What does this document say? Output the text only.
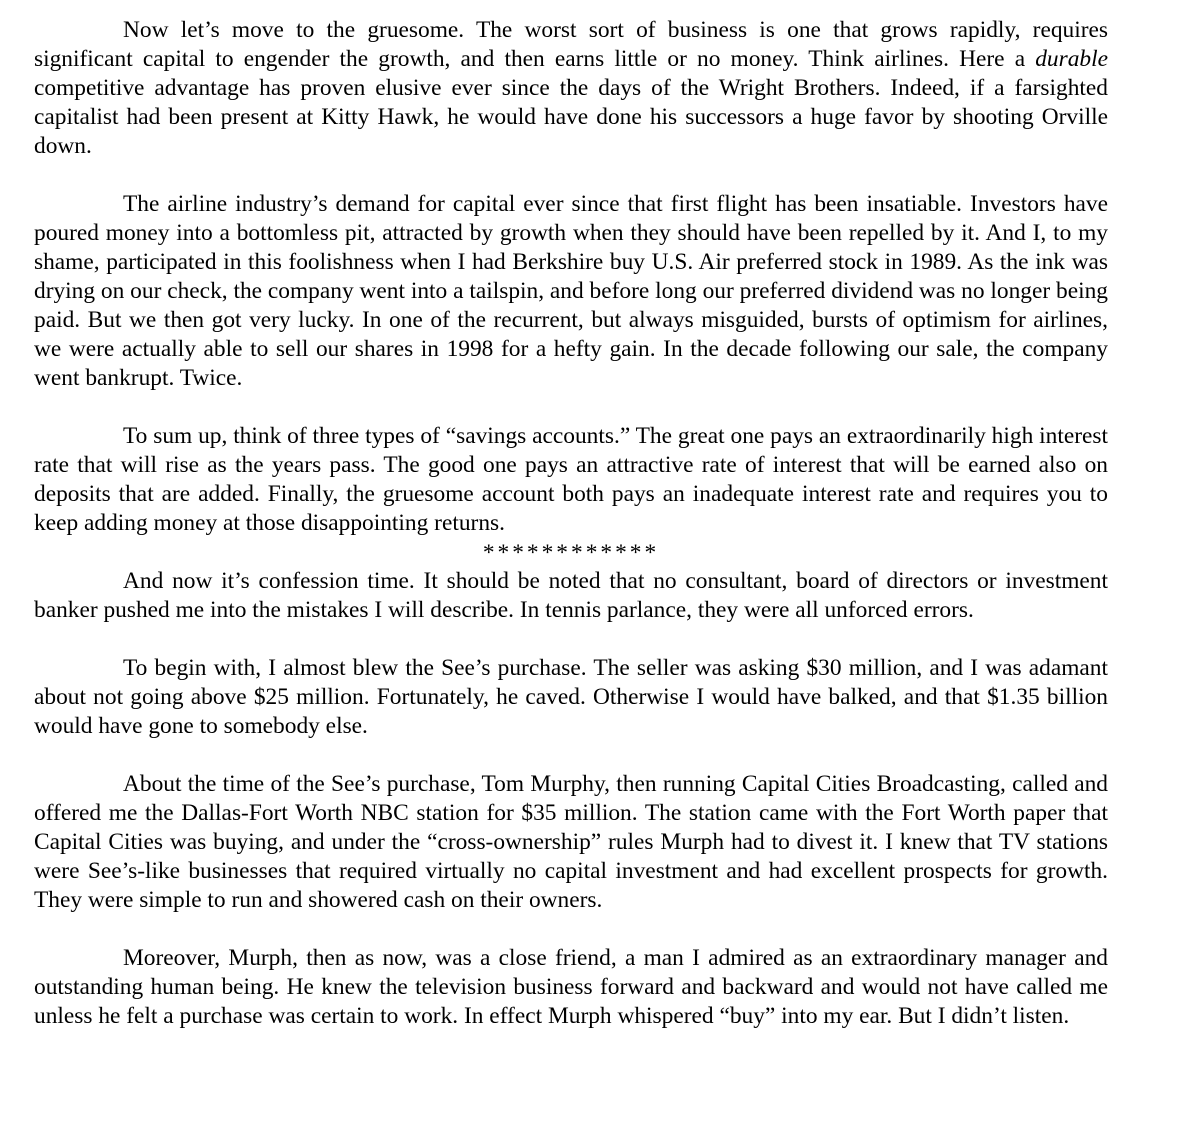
Now let’s move to the gruesome. The worst sort of business is one that grows rapidly, requires significant capital to engender the growth, and then earns little or no money. Think airlines. Here a durable competitive advantage has proven elusive ever since the days of the Wright Brothers. Indeed, if a farsighted capitalist had been present at Kitty Hawk, he would have done his successors a huge favor by shooting Orville down.

The airline industry’s demand for capital ever since that first flight has been insatiable. Investors have poured money into a bottomless pit, attracted by growth when they should have been repelled by it. And I, to my shame, participated in this foolishness when I had Berkshire buy U.S. Air preferred stock in 1989. As the ink was drying on our check, the company went into a tailspin, and before long our preferred dividend was no longer being paid. But we then got very lucky. In one of the recurrent, but always misguided, bursts of optimism for airlines, we were actually able to sell our shares in 1998 for a hefty gain. In the decade following our sale, the company went bankrupt. Twice.

To sum up, think of three types of “savings accounts.” The great one pays an extraordinarily high interest rate that will rise as the years pass. The good one pays an attractive rate of interest that will be earned also on deposits that are added. Finally, the gruesome account both pays an inadequate interest rate and requires you to keep adding money at those disappointing returns.

************

And now it’s confession time. It should be noted that no consultant, board of directors or investment banker pushed me into the mistakes I will describe. In tennis parlance, they were all unforced errors.

To begin with, I almost blew the See’s purchase. The seller was asking $30 million, and I was adamant about not going above $25 million. Fortunately, he caved. Otherwise I would have balked, and that $1.35 billion would have gone to somebody else.

About the time of the See’s purchase, Tom Murphy, then running Capital Cities Broadcasting, called and offered me the Dallas-Fort Worth NBC station for $35 million. The station came with the Fort Worth paper that Capital Cities was buying, and under the “cross-ownership” rules Murph had to divest it. I knew that TV stations were See’s-like businesses that required virtually no capital investment and had excellent prospects for growth. They were simple to run and showered cash on their owners.

Moreover, Murph, then as now, was a close friend, a man I admired as an extraordinary manager and outstanding human being. He knew the television business forward and backward and would not have called me unless he felt a purchase was certain to work. In effect Murph whispered “buy” into my ear. But I didn’t listen.
